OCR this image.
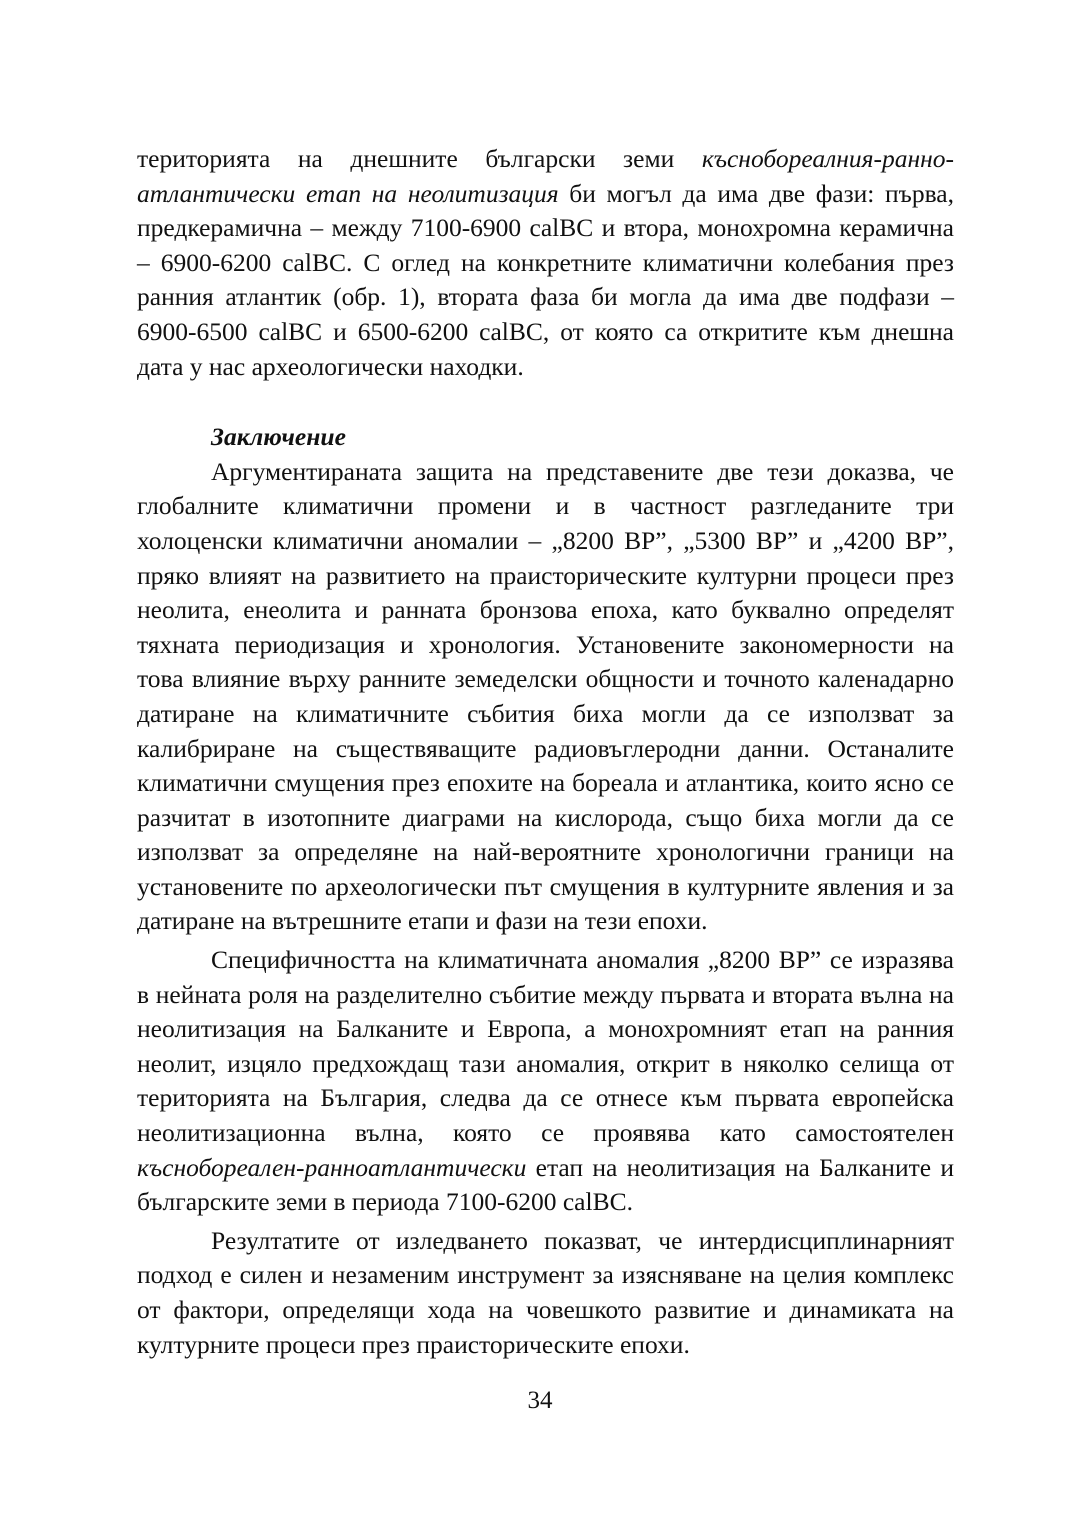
територията на днешните български земи къснобореалния-ранно-атлантически етап на неолитизация би могъл да има две фази: първа, предкерамична – между 7100-6900 calBC и втора, монохромна керамична – 6900-6200 calBC. С оглед на конкретните климатични колебания през ранния атлантик (обр. 1), втората фаза би могла да има две подфази – 6900-6500 calBC и 6500-6200 calBC, от която са откритите към днешна дата у нас археологически находки.

Заключение

Аргументираната защита на представените две тези доказва, че глобалните климатични промени и в частност разгледаните три холоценски климатични аномалии – „8200 BP”, „5300 BP” и „4200 BP”, пряко влияят на развитието на праисторическите културни процеси през неолита, енеолита и ранната бронзова епоха, като буквално определят тяхната периодизация и хронология. Установените закономерности на това влияние върху ранните земеделски общности и точното каленадарно датиране на климатичните събития биха могли да се използват за калибриране на съществяващите радиовъглеродни данни. Останалите климатични смущения през епохите на бореала и атлантика, които ясно се разчитат в изотопните диаграми на кислорода, също биха могли да се използват за определяне на най-вероятните хронологични граници на установените по археологически път смущения в културните явления и за датиране на вътрешните етапи и фази на тези епохи.

Специфичността на климатичната аномалия „8200 BP” се изразява в нейната роля на разделително събитие между първата и втората вълна на неолитизация на Балканите и Европа, а монохромният етап на ранния неолит, изцяло предхождащ тази аномалия, открит в няколко селища от територията на България, следва да се отнесе към първата европейска неолитизационна вълна, която се проявява като самостоятелен къснобореален-ранноатлантически етап на неолитизация на Балканите и българските земи в периода 7100-6200 calBC.

Резултатите от изледването показват, че интердисциплинарният подход е силен и незаменим инструмент за изясняване на целия комплекс от фактори, определящи хода на човешкото развитие и динамиката на културните процеси през праисторическите епохи.

34
